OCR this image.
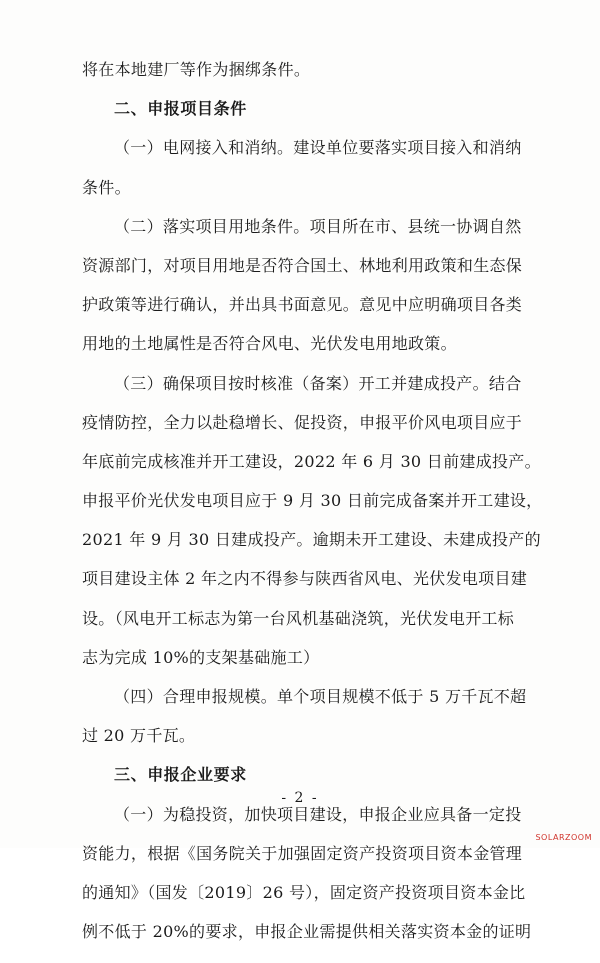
将在本地建厂等作为捆绑条件。
二、申报项目条件
（一）电网接入和消纳。建设单位要落实项目接入和消纳
条件。
（二）落实项目用地条件。项目所在市、县统一协调自然
资源部门，对项目用地是否符合国土、林地利用政策和生态保
护政策等进行确认，并出具书面意见。意见中应明确项目各类
用地的土地属性是否符合风电、光伏发电用地政策。
（三）确保项目按时核准（备案）开工并建成投产。结合
疫情防控，全力以赴稳增长、促投资，申报平价风电项目应于
年底前完成核准并开工建设，2022 年 6 月 30 日前建成投产。
申报平价光伏发电项目应于 9 月 30 日前完成备案并开工建设，
2021 年 9 月 30 日建成投产。逾期未开工建设、未建成投产的
项目建设主体 2 年之内不得参与陕西省风电、光伏发电项目建
设。（风电开工标志为第一台风机基础浇筑，光伏发电开工标
志为完成 10%的支架基础施工）
（四）合理申报规模。单个项目规模不低于 5 万千瓦不超
过 20 万千瓦。
三、申报企业要求
（一）为稳投资，加快项目建设，申报企业应具备一定投
资能力，根据《国务院关于加强固定资产投资项目资本金管理
的通知》（国发〔2019〕26 号），固定资产投资项目资本金比
例不低于 20%的要求，申报企业需提供相关落实资本金的证明
- 2 -
SOLARZOOM
